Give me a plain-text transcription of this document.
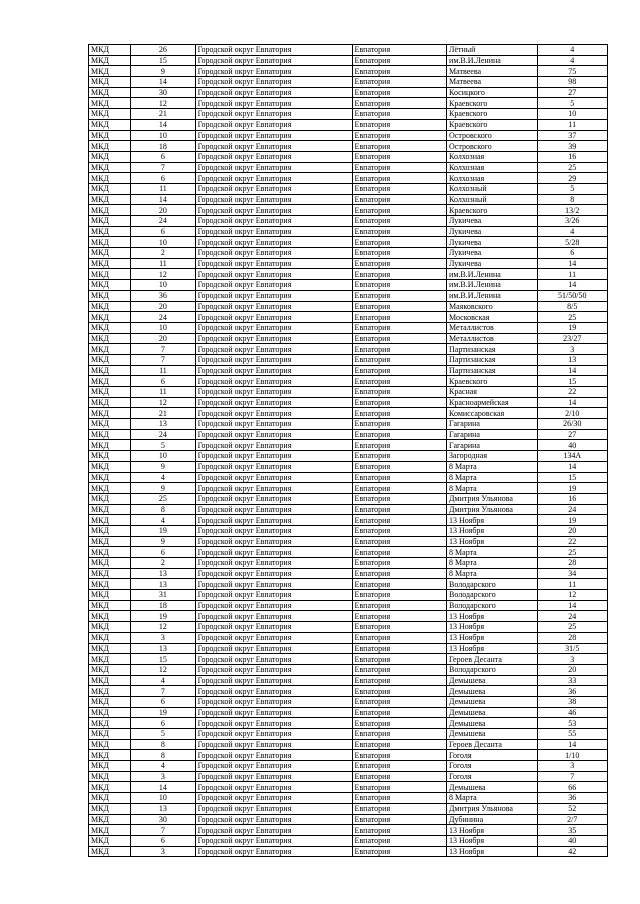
МКД	26	Городской округ Евпатория	Евпатория	Лётный	4
МКД	15	Городской округ Евпатория	Евпатория	им.В.И.Ленина	4
МКД	9	Городской округ Евпатория	Евпатория	Матвеева	75
МКД	14	Городской округ Евпатория	Евпатория	Матвеева	98
МКД	30	Городской округ Евпатория	Евпатория	Косицкого	27
МКД	12	Городской округ Евпатория	Евпатория	Краевского	5
МКД	21	Городской округ Евпатория	Евпатория	Краевского	10
МКД	14	Городской округ Евпатория	Евпатория	Краевского	11
МКД	10	Городской округ Евпатория	Евпатория	Островского	37
МКД	18	Городской округ Евпатория	Евпатория	Островского	39
МКД	6	Городской округ Евпатория	Евпатория	Колхозная	16
МКД	7	Городской округ Евпатория	Евпатория	Колхозная	25
МКД	6	Городской округ Евпатория	Евпатория	Колхозная	29
МКД	11	Городской округ Евпатория	Евпатория	Колхозный	5
МКД	14	Городской округ Евпатория	Евпатория	Колхозный	8
МКД	20	Городской округ Евпатория	Евпатория	Краевского	13/2
МКД	24	Городской округ Евпатория	Евпатория	Лукичева	3/26
МКД	6	Городской округ Евпатория	Евпатория	Лукичева	4
МКД	10	Городской округ Евпатория	Евпатория	Лукичева	5/28
МКД	2	Городской округ Евпатория	Евпатория	Лукичева	6
МКД	11	Городской округ Евпатория	Евпатория	Лукичева	14
МКД	12	Городской округ Евпатория	Евпатория	им.В.И.Ленина	11
МКД	10	Городской округ Евпатория	Евпатория	им.В.И.Ленина	14
МКД	36	Городской округ Евпатория	Евпатория	им.В.И.Ленина	51/50/50
МКД	20	Городской округ Евпатория	Евпатория	Маяковского	8/5
МКД	24	Городской округ Евпатория	Евпатория	Московская	25
МКД	10	Городской округ Евпатория	Евпатория	Металлистов	19
МКД	20	Городской округ Евпатория	Евпатория	Металлистов	23/27
МКД	7	Городской округ Евпатория	Евпатория	Партизанская	3
МКД	7	Городской округ Евпатория	Евпатория	Партизанская	13
МКД	11	Городской округ Евпатория	Евпатория	Партизанская	14
МКД	6	Городской округ Евпатория	Евпатория	Краевского	15
МКД	11	Городской округ Евпатория	Евпатория	Красная	22
МКД	12	Городской округ Евпатория	Евпатория	Красноармейская	14
МКД	21	Городской округ Евпатория	Евпатория	Комиссаровская	2/10
МКД	13	Городской округ Евпатория	Евпатория	Гагарина	26/30
МКД	24	Городской округ Евпатория	Евпатория	Гагарина	27
МКД	5	Городской округ Евпатория	Евпатория	Гагарина	40
МКД	10	Городской округ Евпатория	Евпатория	Загородная	134А
МКД	9	Городской округ Евпатория	Евпатория	8 Марта	14
МКД	4	Городской округ Евпатория	Евпатория	8 Марта	15
МКД	9	Городской округ Евпатория	Евпатория	8 Марта	19
МКД	25	Городской округ Евпатория	Евпатория	Дмитрия Ульянова	16
МКД	8	Городской округ Евпатория	Евпатория	Дмитрия Ульянова	24
МКД	4	Городской округ Евпатория	Евпатория	13 Ноября	19
МКД	19	Городской округ Евпатория	Евпатория	13 Ноября	20
МКД	9	Городской округ Евпатория	Евпатория	13 Ноября	22
МКД	6	Городской округ Евпатория	Евпатория	8 Марта	25
МКД	2	Городской округ Евпатория	Евпатория	8 Марта	28
МКД	13	Городской округ Евпатория	Евпатория	8 Марта	34
МКД	13	Городской округ Евпатория	Евпатория	Володарского	11
МКД	31	Городской округ Евпатория	Евпатория	Володарского	12
МКД	18	Городской округ Евпатория	Евпатория	Володарского	14
МКД	19	Городской округ Евпатория	Евпатория	13 Ноября	24
МКД	12	Городской округ Евпатория	Евпатория	13 Ноября	25
МКД	3	Городской округ Евпатория	Евпатория	13 Ноября	28
МКД	13	Городской округ Евпатория	Евпатория	13 Ноября	31/5
МКД	15	Городской округ Евпатория	Евпатория	Героев Десанта	3
МКД	12	Городской округ Евпатория	Евпатория	Володарского	20
МКД	4	Городской округ Евпатория	Евпатория	Демышева	33
МКД	7	Городской округ Евпатория	Евпатория	Демышева	36
МКД	6	Городской округ Евпатория	Евпатория	Демышева	38
МКД	19	Городской округ Евпатория	Евпатория	Демышева	46
МКД	6	Городской округ Евпатория	Евпатория	Демышева	53
МКД	5	Городской округ Евпатория	Евпатория	Демышева	55
МКД	8	Городской округ Евпатория	Евпатория	Героев Десанта	14
МКД	8	Городской округ Евпатория	Евпатория	Гоголя	1/10
МКД	4	Городской округ Евпатория	Евпатория	Гоголя	3
МКД	3	Городской округ Евпатория	Евпатория	Гоголя	7
МКД	14	Городской округ Евпатория	Евпатория	Демышева	66
МКД	10	Городской округ Евпатория	Евпатория	8 Марта	36
МКД	13	Городской округ Евпатория	Евпатория	Дмитрия Ульянова	52
МКД	30	Городской округ Евпатория	Евпатория	Дубинина	2/7
МКД	7	Городской округ Евпатория	Евпатория	13 Ноября	35
МКД	6	Городской округ Евпатория	Евпатория	13 Ноября	40
МКД	3	Городской округ Евпатория	Евпатория	13 Ноября	42
